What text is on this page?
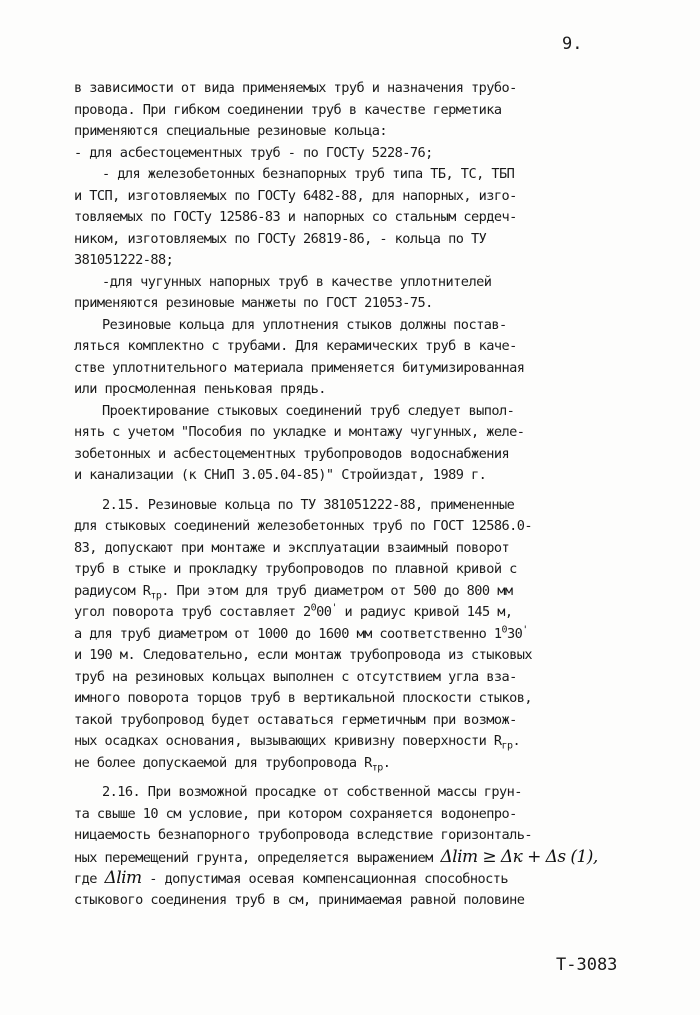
9.
в зависимости от вида применяемых труб и назначения трубо-
провода. При гибком соединении труб в качестве герметика
применяются специальные резиновые кольца:
- для асбестоцементных труб - по ГОСТу 5228-76;
- для железобетонных безнапорных труб типа ТБ, ТС, ТБП
и ТСП, изготовляемых по ГОСТу 6482-88, для напорных, изго-
товляемых по ГОСТу 12586-83 и напорных со стальным сердеч-
ником, изготовляемых по ГОСТу 26819-86, - кольца по ТУ
381051222-88;
-для чугунных напорных труб в качестве уплотнителей
применяются резиновые манжеты по ГОСТ 21053-75.
Резиновые кольца для уплотнения стыков должны постав-
ляться комплектно с трубами. Для керамических труб в каче-
стве уплотнительного материала применяется битумизированная
или просмоленная пеньковая прядь.
Проектирование стыковых соединений труб следует выпол-
нять с учетом "Пособия по укладке и монтажу чугунных, желе-
зобетонных и асбестоцементных трубопроводов водоснабжения
и канализации (к СНиП 3.05.04-85)" Стройиздат, 1989 г.
2.15. Резиновые кольца по ТУ 381051222-88, примененные
для стыковых соединений железобетонных труб по ГОСТ 12586.0-
83, допускают при монтаже и эксплуатации взаимный поворот
труб в стыке и прокладку трубопроводов по плавной кривой с
радиусом $R_{тр}$. При этом для труб диаметром от 500 до 800 мм
угол поворота труб составляет $2^000'$ и радиус кривой 145 м,
а для труб диаметром от 1000 до 1600 мм соответственно $1^030'$
и 190 м. Следовательно, если монтаж трубопровода из стыковых
труб на резиновых кольцах выполнен с отсутствием угла вза-
имного поворота торцов труб в вертикальной плоскости стыков,
такой трубопровод будет оставаться герметичным при возмож-
ных осадках основания, вызывающих кривизну поверхности $R_{гр}$.
не более допускаемой для трубопровода $R_{тр}$.
2.16. При возможной просадке от собственной массы грун-
та свыше 10 см условие, при котором сохраняется водонепро-
ницаемость безнапорного трубопровода вследствие горизонталь-
ных перемещений грунта, определяется выражением Δlim ≥ Δк + Δs (1),
где Δlim - допустимая осевая компенсационная способность
стыкового соединения труб в см, принимаемая равной половине
Т-3083
